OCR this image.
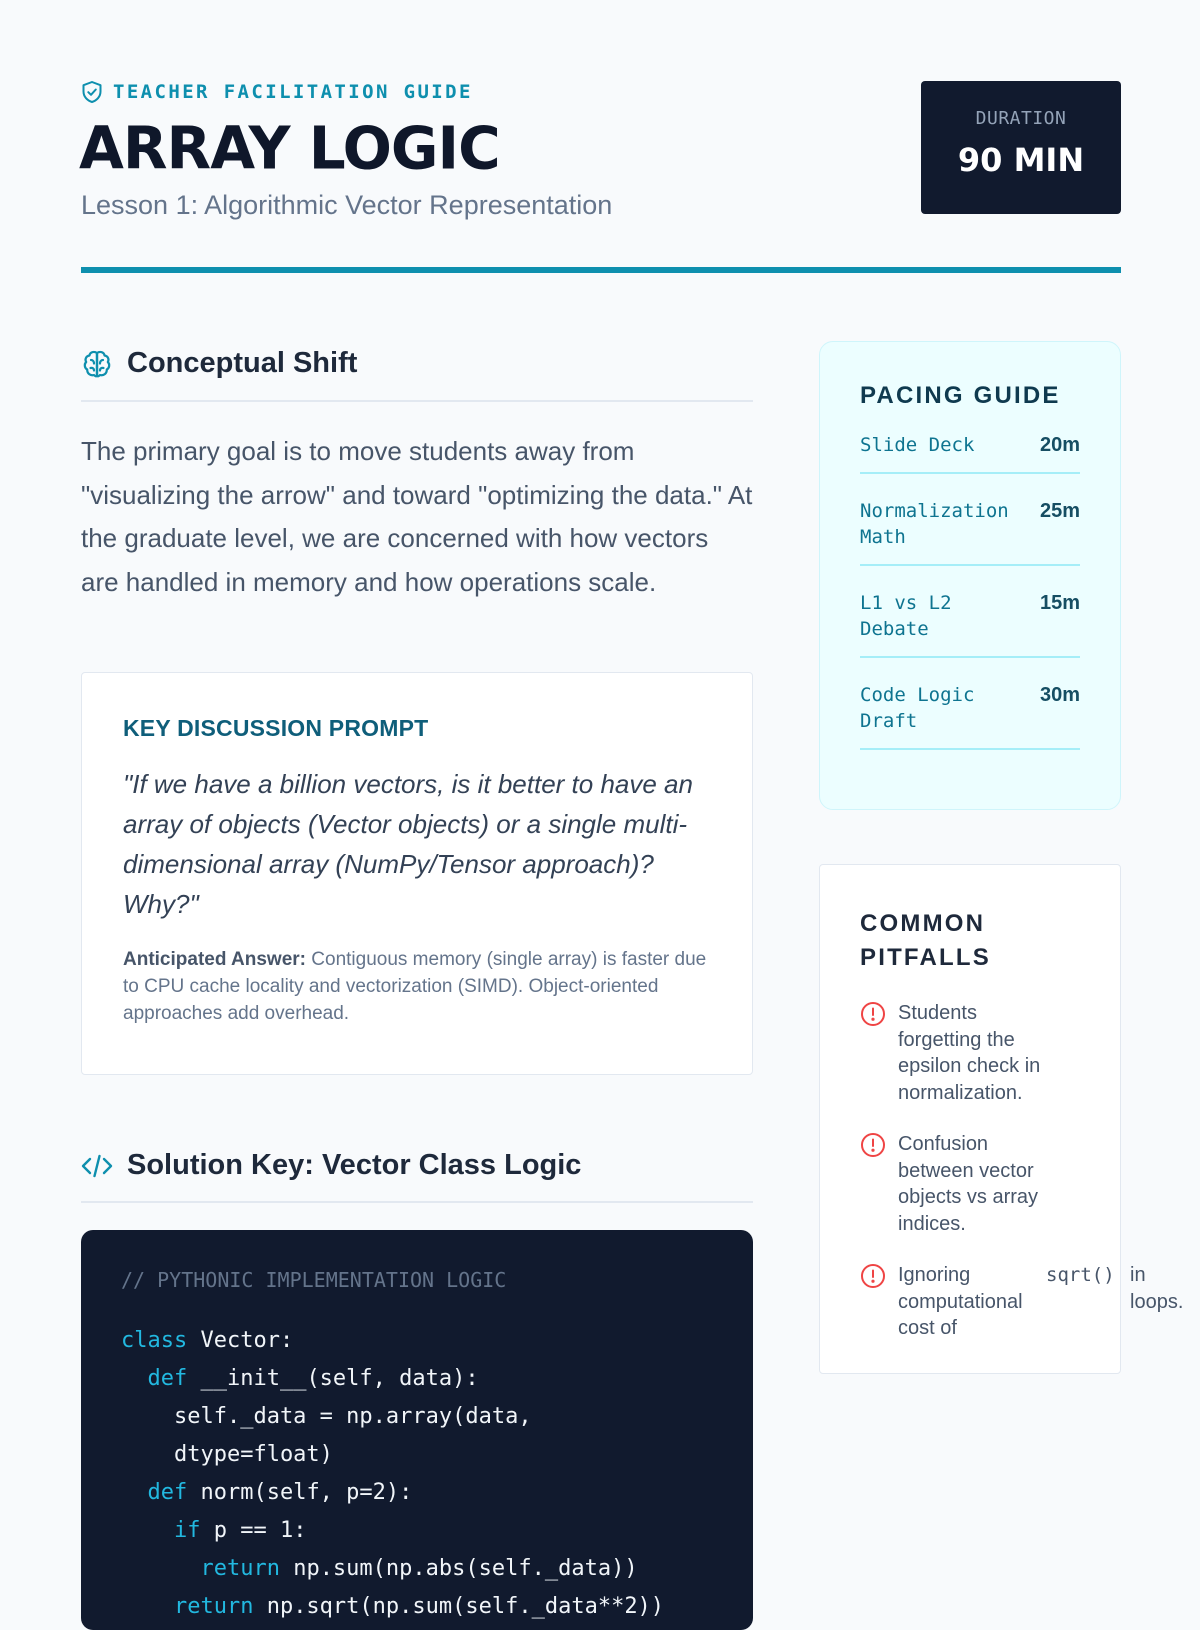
TEACHER FACILITATION GUIDE
ARRAY LOGIC
Lesson 1: Algorithmic Vector Representation
DURATION
90 MIN
Conceptual Shift

The primary goal is to move students away from "visualizing the arrow" and toward "optimizing the data." At the graduate level, we are concerned with how vectors are handled in memory and how operations scale.

KEY DISCUSSION PROMPT

"If we have a billion vectors, is it better to have an array of objects (Vector objects) or a single multi-dimensional array (NumPy/Tensor approach)? Why?"

Anticipated Answer: Contiguous memory (single array) is faster due to CPU cache locality and vectorization (SIMD). Object-oriented approaches add overhead.

Solution Key: Vector Class Logic
// PYTHONIC IMPLEMENTATION LOGIC
class Vector:
def __init__(self, data):
self._data = np.array(data,
dtype=float)
def norm(self, p=2):
if p == 1:
return np.sum(np.abs(self._data))
return np.sqrt(np.sum(self._data**2))
PACING GUIDE
Slide Deck	20m
Normalization Math
25m
L1 vs L2 Debate
15m
Code Logic Draft
30m
COMMON PITFALLS
Students forgetting the epsilon check in normalization.
Confusion between vector objects vs array indices.
Ignoring computational cost of
sqrt() in loops.
